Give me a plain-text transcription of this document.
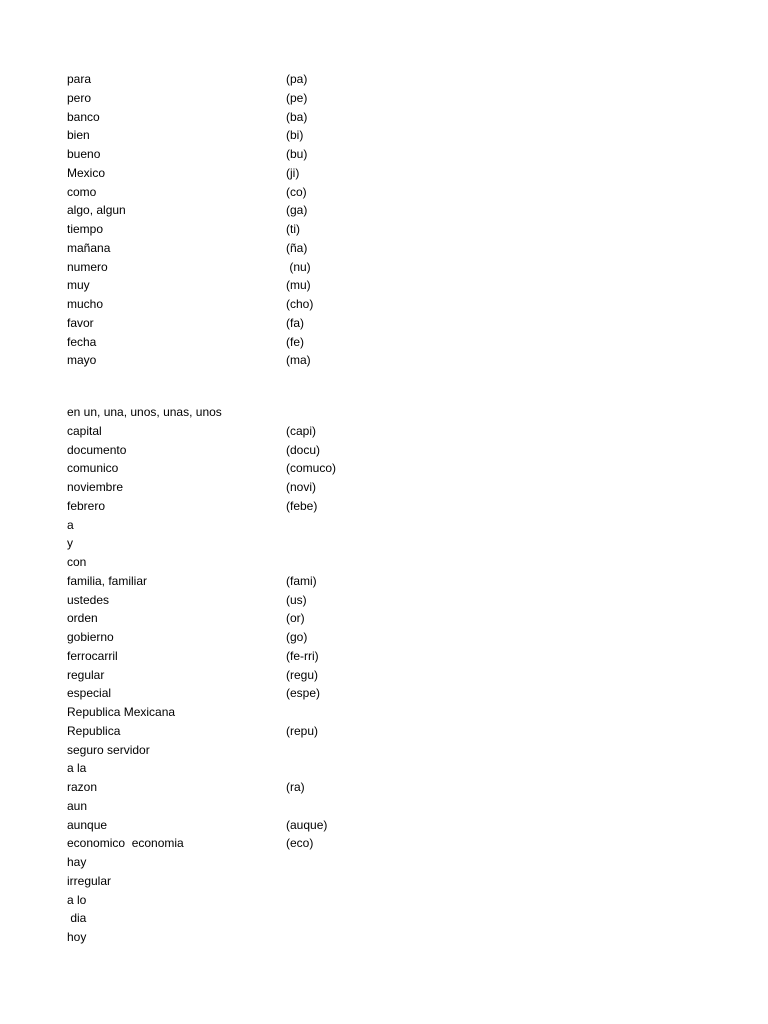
para	(pa)
pero	(pe)
banco	(ba)
bien	(bi)
bueno	(bu)
Mexico	(ji)
como	(co)
algo, algun	(ga)
tiempo	(ti)
mañana	(ña)
numero	(nu)
muy	(mu)
mucho	(cho)
favor	(fa)
fecha	(fe)
mayo	(ma)
en un, una, unos, unas, unos
capital	(capi)
documento	(docu)
comunico	(comuco)
noviembre	(novi)
febrero	(febe)
a
y
con
familia, familiar	(fami)
ustedes	(us)
orden	(or)
gobierno	(go)
ferrocarril	(fe-rri)
regular	(regu)
especial	(espe)
Republica Mexicana
Republica	(repu)
seguro servidor
a la
razon	(ra)
aun
aunque	(auque)
economico  economia	(eco)
hay
irregular
a lo
dia
hoy
